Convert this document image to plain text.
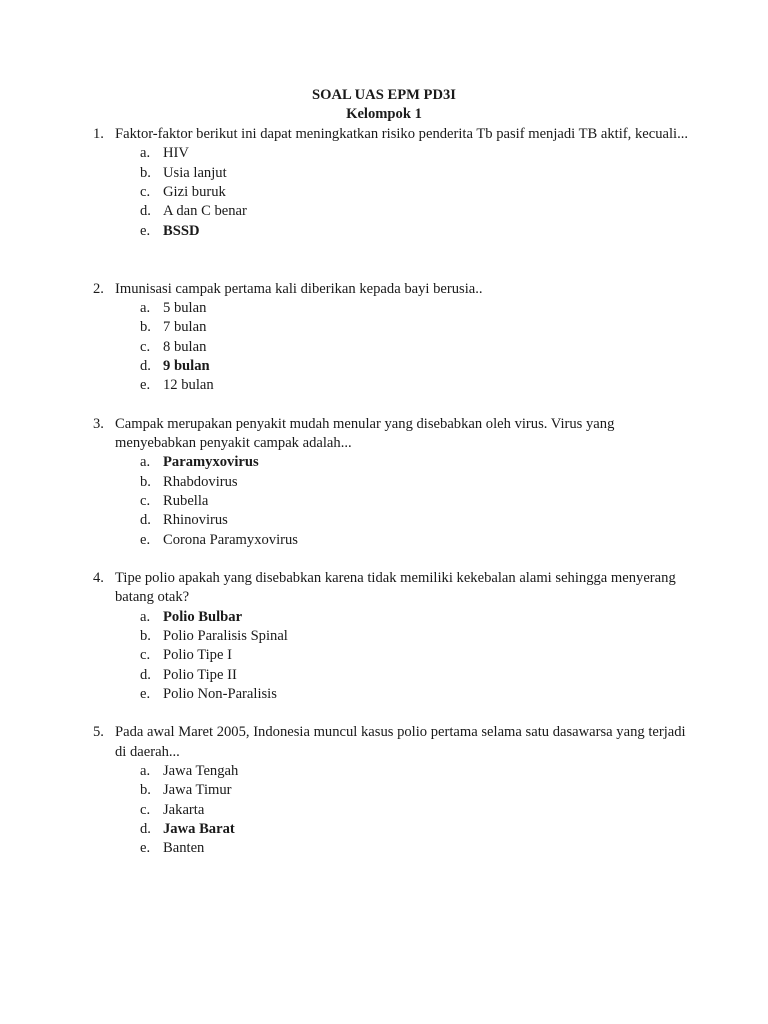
SOAL UAS EPM PD3I
Kelompok 1
1. Faktor-faktor berikut ini dapat meningkatkan risiko penderita Tb pasif menjadi TB aktif, kecuali...
a. HIV
b. Usia lanjut
c. Gizi buruk
d. A dan C benar
e. BSSD
2. Imunisasi campak pertama kali diberikan kepada bayi berusia..
a. 5 bulan
b. 7 bulan
c. 8 bulan
d. 9 bulan
e. 12 bulan
3. Campak merupakan penyakit mudah menular yang disebabkan oleh virus. Virus yang menyebabkan penyakit campak adalah...
a. Paramyxovirus
b. Rhabdovirus
c. Rubella
d. Rhinovirus
e. Corona Paramyxovirus
4. Tipe polio apakah yang disebabkan karena tidak memiliki kekebalan alami sehingga menyerang batang otak?
a. Polio Bulbar
b. Polio Paralisis Spinal
c. Polio Tipe I
d. Polio Tipe II
e. Polio Non-Paralisis
5. Pada awal Maret 2005, Indonesia muncul kasus polio pertama selama satu dasawarsa yang terjadi di daerah...
a. Jawa Tengah
b. Jawa Timur
c. Jakarta
d. Jawa Barat
e. Banten
